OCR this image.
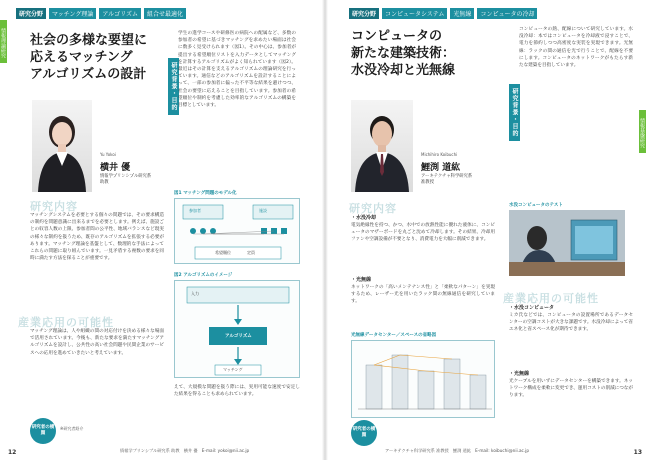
研究分野	マッチング理論	アルゴリズム	組合せ最適化
情報理論研究 社会の多様な要望に
応えるマッチング
アルゴリズムの設計	研究背景・目的
学生の進学コースや研修医の病院への配属など、多数の参加者の希望に基づきマッチングを求めたい場面は社会に数多く見受けられます（図1）。その中心は、参加者が提出する希望順位リストを入力データとしてマッチングを計算するアルゴリズムがよく知られています（図2）。最近はその計算を支えるアルゴリズムの理論研究を行っています。通信などのアルゴリズムを設計することによって、一部の参加者に偏った不平等な結果を避けつつ、社会の要望に応えることを目指しています。参加者の希望順位や制約を考慮した効率的なアルゴリズムの構築を目標としています。
Yu Yokoi
横井 優
情報学プリンシプル研究系
助教
研究内容
マッチングシステムを必要とする個々の問題では、その要求構造の制約を問題意識に出来るまでを必要とします。例えば、施設ごとの収容人数の上限、参加者間の公平性、地域バランスなど現実の様々な制約を扱うため、既存のアルゴリズムを拡張する必要があります。マッチング理論を基盤として、数理的な手法によってこれらの問題に取り組んでいます。一見矛盾する複数の要求を同時に満たす方法を探ることが重要です。
産業応用の可能性
マッチング理論は、人や組織の間の対応付けを決める様々な場面で活用されています。今後も、新たな要求を満たすマッチングアルゴリズムを設計し、公共性の高い社会問題や民間企業のサービスへの応用を進めていきたいと考えています。
図1 マッチング問題のモデル化
参加者	施設
希望順位	定員
図2 アルゴリズムのイメージ
入力
アルゴリズム
マッチング
えて、大規模な問題を扱う際には、実用可能な速度で安定した結果を得ることも求められています。
研究者の横顔
※研究者紹介
12	情報学プリンシプル研究系 助教　横井 優　E-mail: yokoi@nii.ac.jp
研究分野	コンピュータシステム	光無線	コンピュータの冷却
情報基盤研究
コンピュータの
新たな建築技術：
水没冷却と光無線
研究背景・目的
コンピュータの熱、配線について研究しています。水没冷却：本ではコンピュータを冷却液で浸すことで、電力を節約しつつ高密度な実装を実現できます。光無線：ラックの間の通信を光で行うことで、配線を不要にします。コンピュータのネットワークがもたらす新たな建築を目指しています。
Michihiro Koibuchi
鯉渕 道紘
アーキテクチャ科学研究系
准教授
研究内容
・水没冷却
電気絶縁性を持つ、かつ、水中での放熱性能に優れた液体に、コンピュータのマザーボードを丸ごと沈めて冷却します。その結果、冷却用ファンや空調設備が不要となり、消費電力を大幅に削減できます。
・光無線
ネットワークの「高いメンテナンス性」と「柔軟なパターン」を実現するため、レーザー光を用いたラック間の無線通信を研究しています。
光無線データセンター／スペースの省略図
水没コンピュータのテスト
産業応用の可能性
・水没コンピュータ
ミカ氏などでは、コンピュータの設置場所であるデータセンターの空調コストが大きな課題です。水没冷却によって省エネ化と省スペース化が期待できます。
・光無線
光ケーブルを用いずにデータセンターを構築できます。ネットワーク構成を柔軟に変更でき、運用コストの削減につながります。
研究者の横顔
アーキテクチャ科学研究系 准教授　鯉渕 道紘　E-mail: koibuchi@nii.ac.jp	13
